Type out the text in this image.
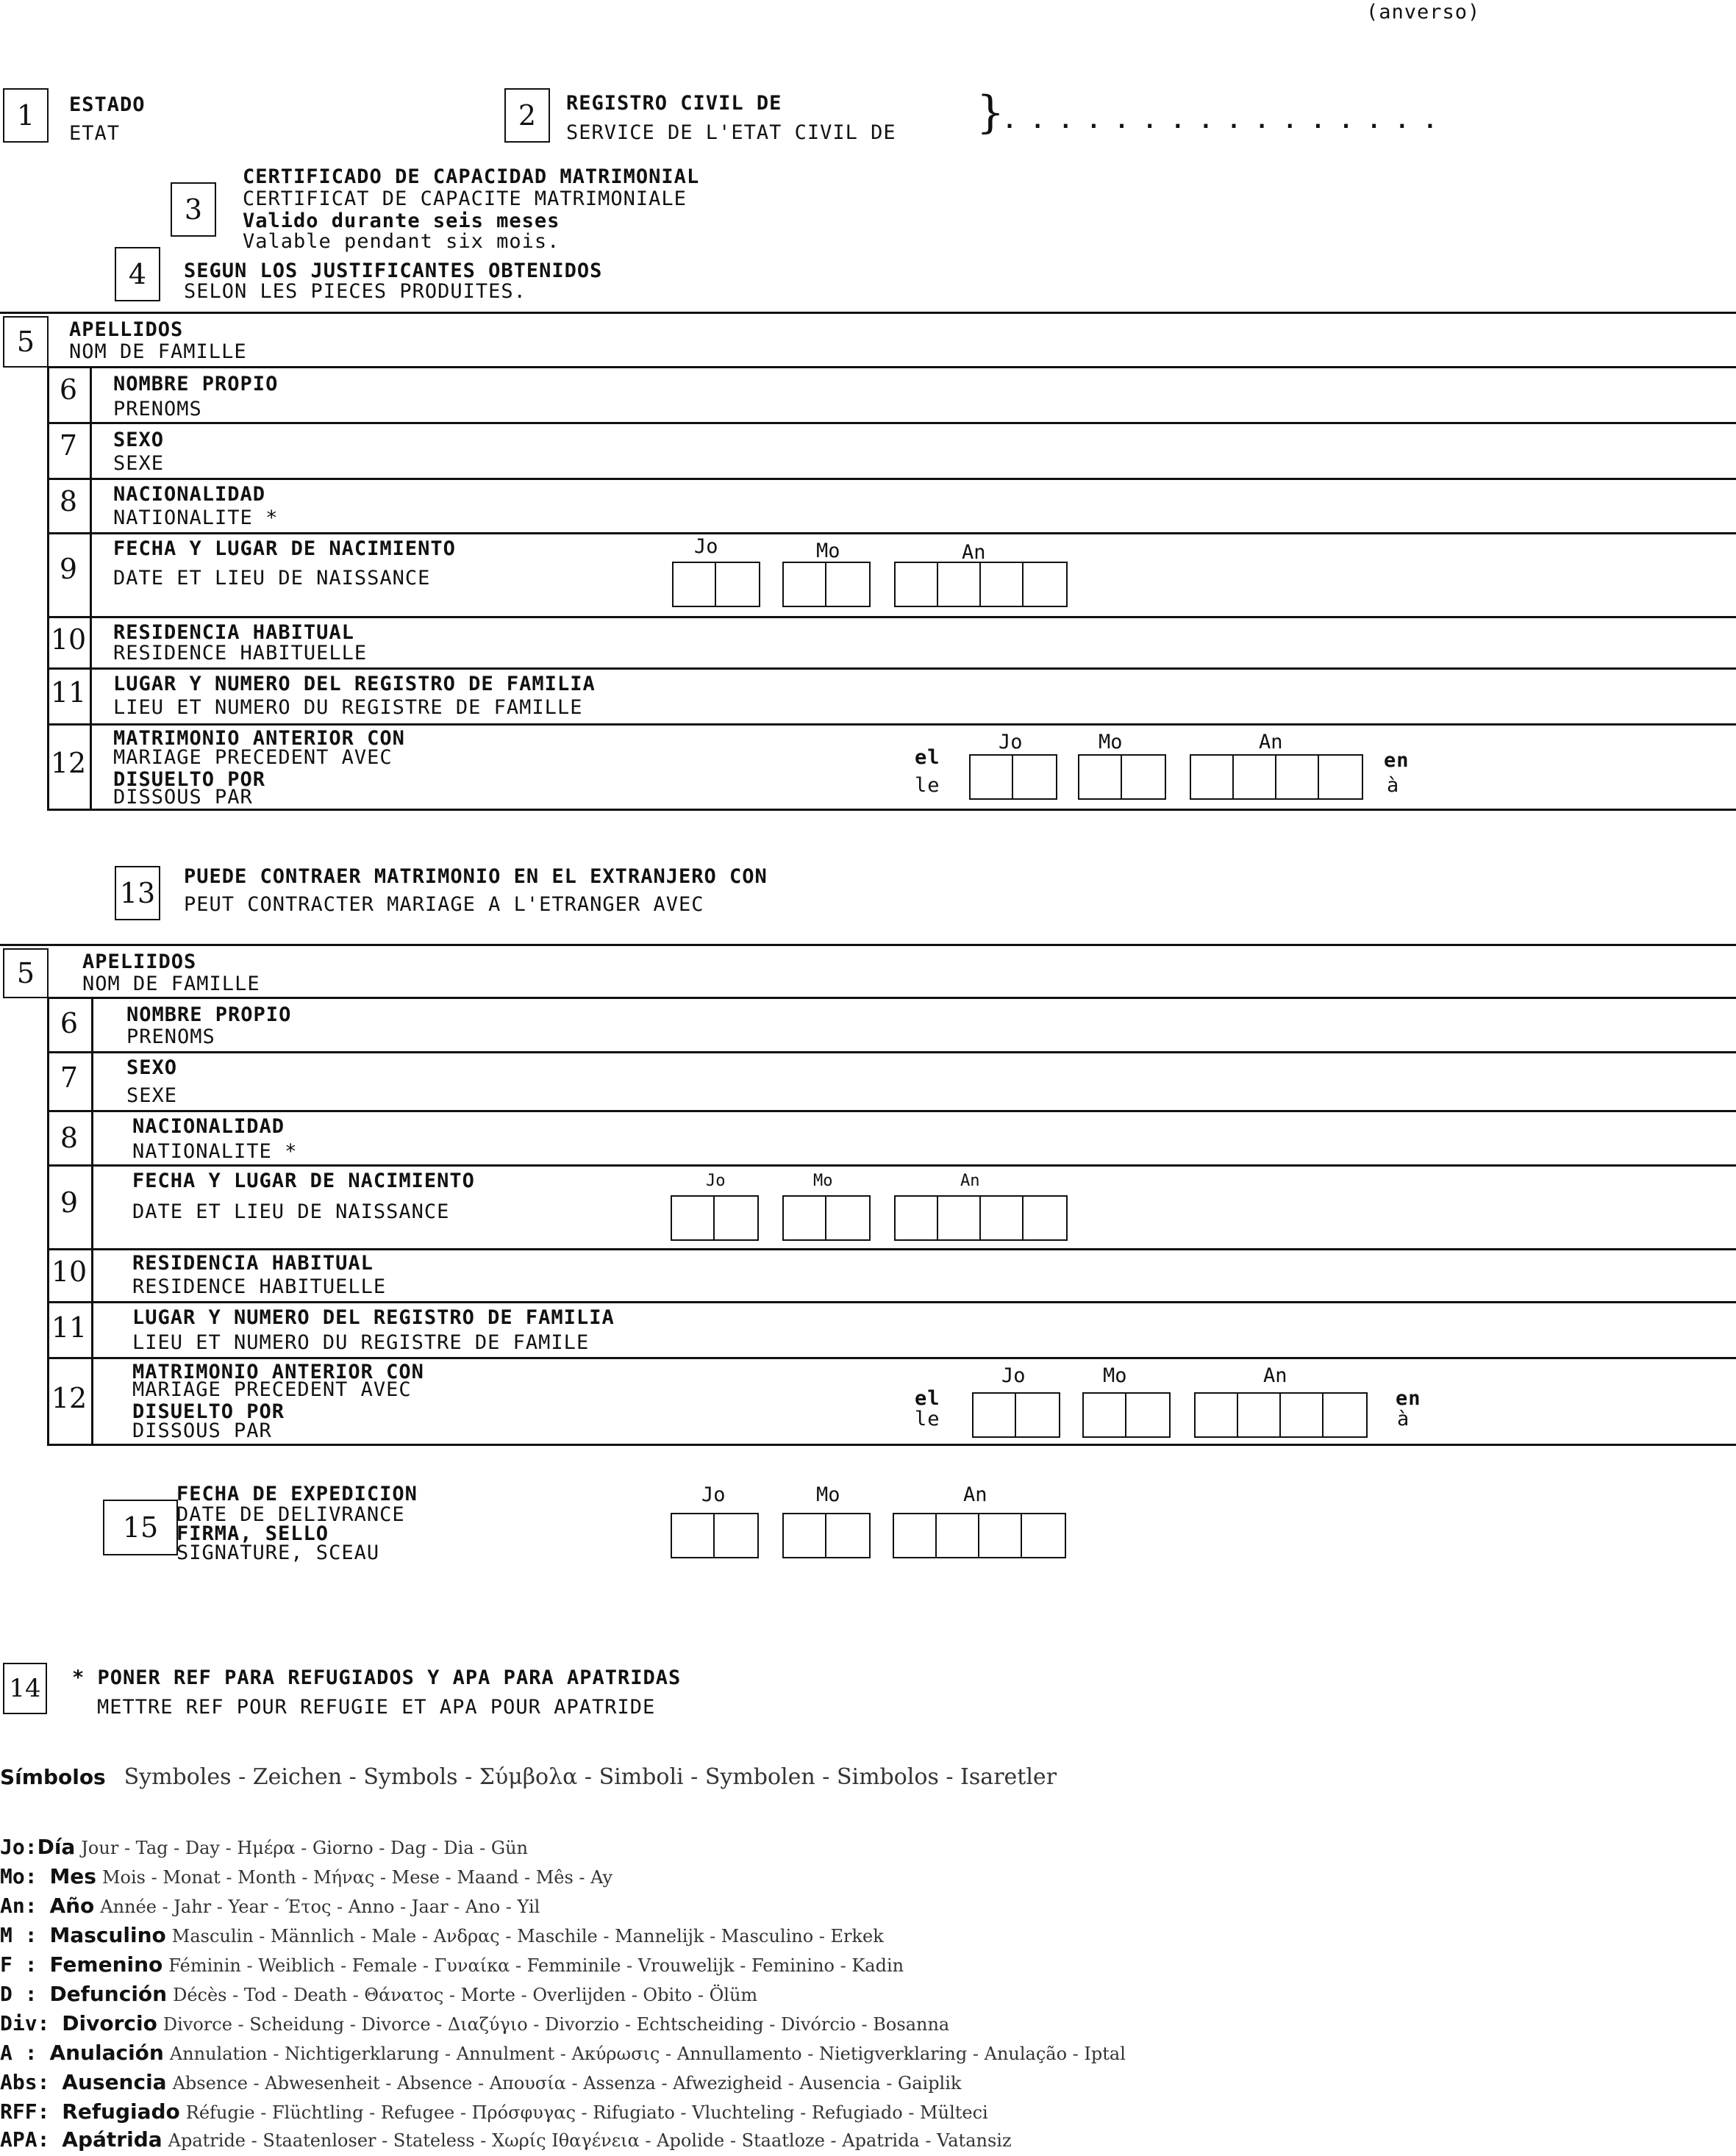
(anverso)
1	ESTADO
ETAT
2	REGISTRO CIVIL DE
SERVICE DE L'ETAT CIVIL DE }
. . . . . . . . . . . . . . . .
3
CERTIFICADO DE CAPACIDAD MATRIMONIAL
CERTIFICAT DE CAPACITE MATRIMONIALE
Valido durante seis meses
Valable pendant six mois.
4	SEGUN LOS JUSTIFICANTES OBTENIDOS
SELON LES PIECES PRODUITES.
5	APELLIDOS
NOM DE FAMILLE
6	NOMBRE PROPIO
PRENOMS
7	SEXO
SEXE
8	NACIONALIDAD
NATIONALITE *
9
FECHA Y LUGAR DE NACIMIENTO
DATE ET LIEU DE NAISSANCE
Jo	Mo	An
10 RESIDENCIA HABITUAL
RESIDENCE HABITUELLE
11 LUGAR Y NUMERO DEL REGISTRO DE FAMILIA
LIEU ET NUMERO DU REGISTRE DE FAMILLE
12
MATRIMONIO ANTERIOR CON
MARIAGE PRECEDENT AVEC
DISUELTO POR
DISSOUS PAR
el
le
Jo	Mo	An
en
à
13
PUEDE CONTRAER MATRIMONIO EN EL EXTRANJERO CON
PEUT CONTRACTER MARIAGE A L'ETRANGER AVEC
5	APELIIDOS
NOM DE FAMILLE
6	NOMBRE PROPIO
PRENOMS
7	SEXO
SEXE
8	NACIONALIDAD
NATIONALITE *
9
FECHA Y LUGAR DE NACIMIENTO
DATE ET LIEU DE NAISSANCE
Jo	Mo	An
10 RESIDENCIA HABITUAL
RESIDENCE HABITUELLE
11 LUGAR Y NUMERO DEL REGISTRO DE FAMILIA
LIEU ET NUMERO DU REGISTRE DE FAMILE
12
MATRIMONIO ANTERIOR CON
MARIAGE PRECEDENT AVEC
DISUELTO POR
DISSOUS PAR
el
le
Jo	Mo	An
en
à
15
FECHA DE EXPEDICION
DATE DE DELIVRANCE
FIRMA, SELLO
SIGNATURE, SCEAU
Jo	Mo	An
14	* PONER REF PARA REFUGIADOS Y APA PARA APATRIDAS
METTRE REF POUR REFUGIE ET APA POUR APATRIDE
Símbolos Symboles - Zeichen - Symbols - Σύμβολα - Simboli - Symbolen - Simbolos - Isaretler
Jo:Día Jour - Tag - Day - Ημέρα - Giorno - Dag - Dia - Gün
Mo: Mes Mois - Monat - Month - Μήνας - Mese - Maand - Mês - Ay
An: Año Année - Jahr - Year - Έτος - Anno - Jaar - Ano - Yil
M : Masculino Masculin - Männlich - Male - Ανδρας - Maschile - Mannelijk - Masculino - Erkek
F : Femenino Féminin - Weiblich - Female - Γυναίκα - Femminile - Vrouwelijk - Feminino - Kadin
D : Defunción Décès - Tod - Death - Θάνατος - Morte - Overlijden - Obito - Ölüm
Div: Divorcio Divorce - Scheidung - Divorce - Διαζύγιο - Divorzio - Echtscheiding - Divórcio - Bosanna
A : Anulación Annulation - Nichtigerklarung - Annulment - Ακύρωσις - Annullamento - Nietigverklaring - Anulação - Iptal
Abs: Ausencia Absence - Abwesenheit - Absence - Απουσία - Assenza - Afwezigheid - Ausencia - Gaiplik
RFF: Refugiado Réfugie - Flüchtling - Refugee - Πρόσφυγας - Rifugiato - Vluchteling - Refugiado - Mülteci
APA: Apátrida Apatride - Staatenloser - Stateless - Χωρίς Ιθαγένεια - Apolide - Staatloze - Apatrida - Vatansiz
